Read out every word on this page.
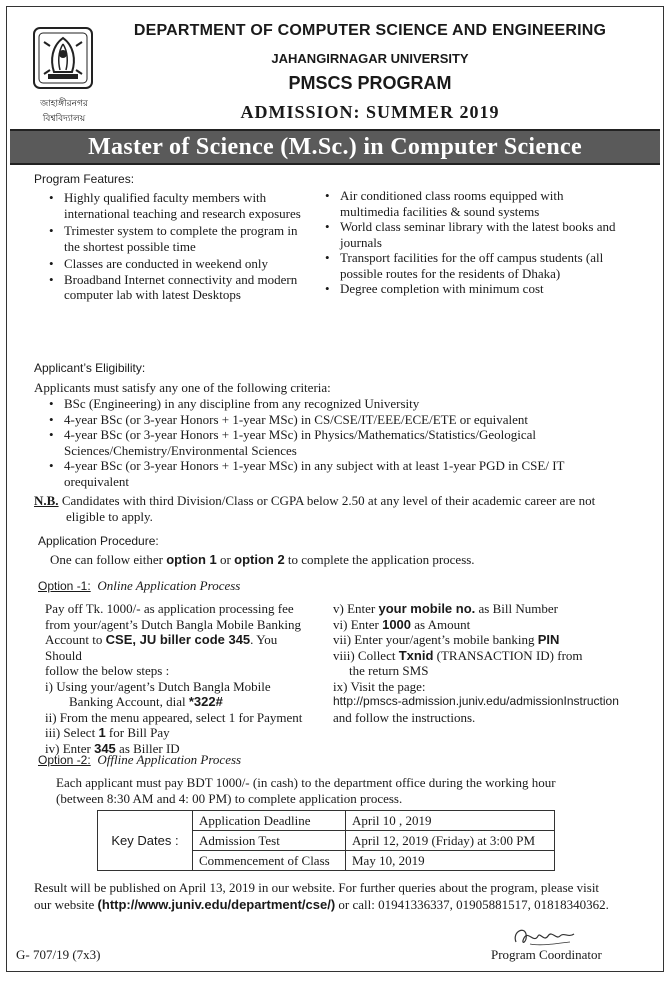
জাহাঙ্গীরনগর বিশ্ববিদ্যালয়
DEPARTMENT OF COMPUTER SCIENCE AND ENGINEERING
JAHANGIRNAGAR UNIVERSITY
PMSCS PROGRAM
ADMISSION: SUMMER 2019
Master of Science (M.Sc.) in Computer Science
Program Features:
• Highly qualified faculty members with international teaching and research exposures
• Trimester system to complete the program in the shortest possible time
• Classes are conducted in weekend only
• Broadband Internet connectivity and modern computer lab with latest Desktops
• Air conditioned class rooms equipped with multimedia facilities & sound systems
• World class seminar library with the latest books and journals
• Transport facilities for the off campus students (all possible routes for the residents of Dhaka)
• Degree completion with minimum cost
Applicant’s Eligibility:
Applicants must satisfy any one of the following criteria:
• BSc (Engineering) in any discipline from any recognized University
• 4-year BSc (or 3-year Honors + 1-year MSc) in CS/CSE/IT/EEE/ECE/ETE or equivalent
• 4-year BSc (or 3-year Honors + 1-year MSc) in Physics/Mathematics/Statistics/Geological Sciences/Chemistry/Environmental Sciences
• 4-year BSc (or 3-year Honors + 1-year MSc) in any subject with at least 1-year PGD in CSE/ IT orequivalent
N.B. Candidates with third Division/Class or CGPA below 2.50 at any level of their academic career are not
eligible to apply.
Application Procedure:
One can follow either option 1 or option 2 to complete the application process.
Option -1: Online Application Process
Pay off Tk. 1000/- as application processing fee
from your/agent’s Dutch Bangla Mobile Banking
Account to CSE, JU biller code 345. You Should
follow the below steps :
i) Using your/agent’s Dutch Bangla Mobile
Banking Account, dial *322#
ii) From the menu appeared, select 1 for Payment
iii) Select 1 for Bill Pay
iv) Enter 345 as Biller ID
v) Enter your mobile no. as Bill Number
vi) Enter 1000 as Amount
vii) Enter your/agent’s mobile banking PIN
viii) Collect Txnid (TRANSACTION ID) from
the return SMS
ix) Visit the page:
http://pmscs-admission.juniv.edu/admissionInstruction
and follow the instructions.
Option -2: Offline Application Process
Each applicant must pay BDT 1000/- (in cash) to the department office during the working hour
(between 8:30 AM and 4: 00 PM) to complete application process.
Key Dates :	Application Deadline	April 10 , 2019
	Admission Test	April 12, 2019 (Friday) at 3:00 PM
	Commencement of Class	May 10, 2019
Result will be published on April 13, 2019 in our website. For further queries about the program, please visit
our website (http://www.juniv.edu/department/cse/) or call: 01941336337, 01905881517, 01818340362.
G- 707/19 (7x3)	Program Coordinator
